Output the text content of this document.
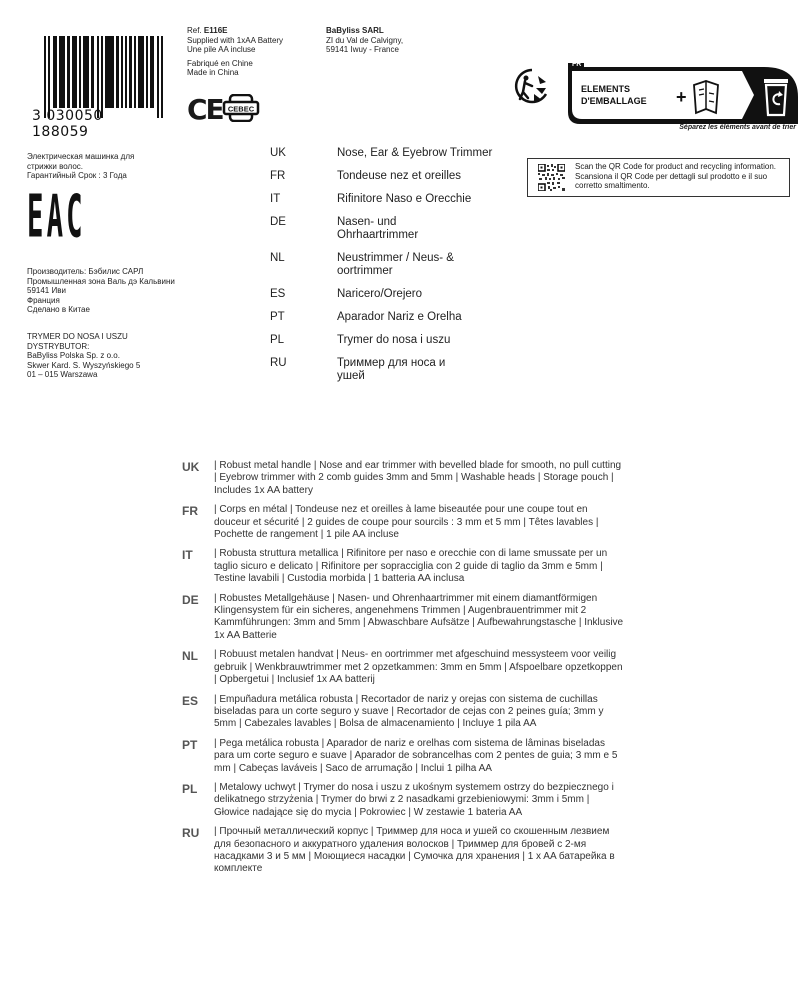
3 030050 188059
Ref. E116E
Supplied with 1xAA Battery
Une pile AA incluse
Fabriqué en Chine
Made in China
BaByliss SARL
ZI du Val de Calvigny,
59141 Iwuy - France
CE CEBEC
FR
ELEMENTS
D'EMBALLAGE +
Séparez les éléments avant de trier
Scan the QR Code for product and recycling information. Scansiona il QR Code per dettagli sul prodotto e il suo corretto smaltimento.
Электрическая машинка для
стрижки волос.
Гарантийный Срок : 3 Года
EAC
Производитель: Бэбилис САРЛ
Промышленная зона Валь дэ Кальвини
59141 Иви
Франция
Сделано в Китае
TRYMER DO NOSA I USZU
DYSTRYBUTOR:
BaByliss Polska Sp. z o.o.
Skwer Kard. S. Wyszyńskiego 5
01 – 015 Warszawa
UK	Nose, Ear & Eyebrow Trimmer
FR	Tondeuse nez et oreilles
IT	Rifinitore Naso e Orecchie
DE	Nasen- und Ohrhaartrimmer
NL	Neustrimmer / Neus- & oortrimmer
ES	Naricero/Orejero
PT	Aparador Nariz e Orelha
PL	Trymer do nosa i uszu
RU	Триммер для носа и ушей
UK	| Robust metal handle | Nose and ear trimmer with bevelled blade for smooth, no pull cutting | Eyebrow trimmer with 2 comb guides 3mm and 5mm | Washable heads | Storage pouch | Includes 1x AA battery
FR	| Corps en métal | Tondeuse nez et oreilles à lame biseautée pour une coupe tout en douceur et sécurité | 2 guides de coupe pour sourcils : 3 mm et 5 mm | Têtes lavables | Pochette de rangement | 1 pile AA incluse
IT	| Robusta struttura metallica | Rifinitore per naso e orecchie con di lame smussate per un taglio sicuro e delicato | Rifinitore per sopracciglia con 2 guide di taglio da 3mm e 5mm | Testine lavabili | Custodia morbida | 1 batteria AA inclusa
DE	| Robustes Metallgehäuse | Nasen- und Ohrenhaartrimmer mit einem diamantförmigen Klingensystem für ein sicheres, angenehmens Trimmen | Augenbrauentrimmer mit 2 Kammführungen: 3mm and 5mm | Abwaschbare Aufsätze | Aufbewahrungstasche | Inklusive 1x AA Batterie
NL	| Robuust metalen handvat | Neus- en oortrimmer met afgeschuind messysteem voor veilig gebruik | Wenkbrauwtrimmer met 2 opzetkammen: 3mm en 5mm | Afspoelbare opzetkoppen | Opbergetui | Inclusief 1x AA batterij
ES	| Empuñadura metálica robusta | Recortador de nariz y orejas con sistema de cuchillas biseladas para un corte seguro y suave | Recortador de cejas con 2 peines guía; 3mm y 5mm | Cabezales lavables | Bolsa de almacenamiento | Incluye 1 pila AA
PT	| Pega metálica robusta | Aparador de nariz e orelhas com sistema de lâminas biseladas para um corte seguro e suave | Aparador de sobrancelhas com 2 pentes de guia; 3 mm e 5 mm | Cabeças laváveis | Saco de arrumação | Inclui 1 pilha AA
PL	| Metalowy uchwyt | Trymer do nosa i uszu z ukośnym systemem ostrzy do bezpiecznego i delikatnego strzyżenia | Trymer do brwi z 2 nasadkami grzebieniowymi: 3mm i 5mm | Głowice nadające się do mycia | Pokrowiec | W zestawie 1 bateria AA
RU	| Прочный металлический корпус | Триммер для носа и ушей со скошенным лезвием для безопасного и аккуратного удаления волосков | Триммер для бровей с 2-мя насадками 3 и 5 мм | Моющиеся насадки | Сумочка для хранения | 1 x AA батарейка в комплекте
